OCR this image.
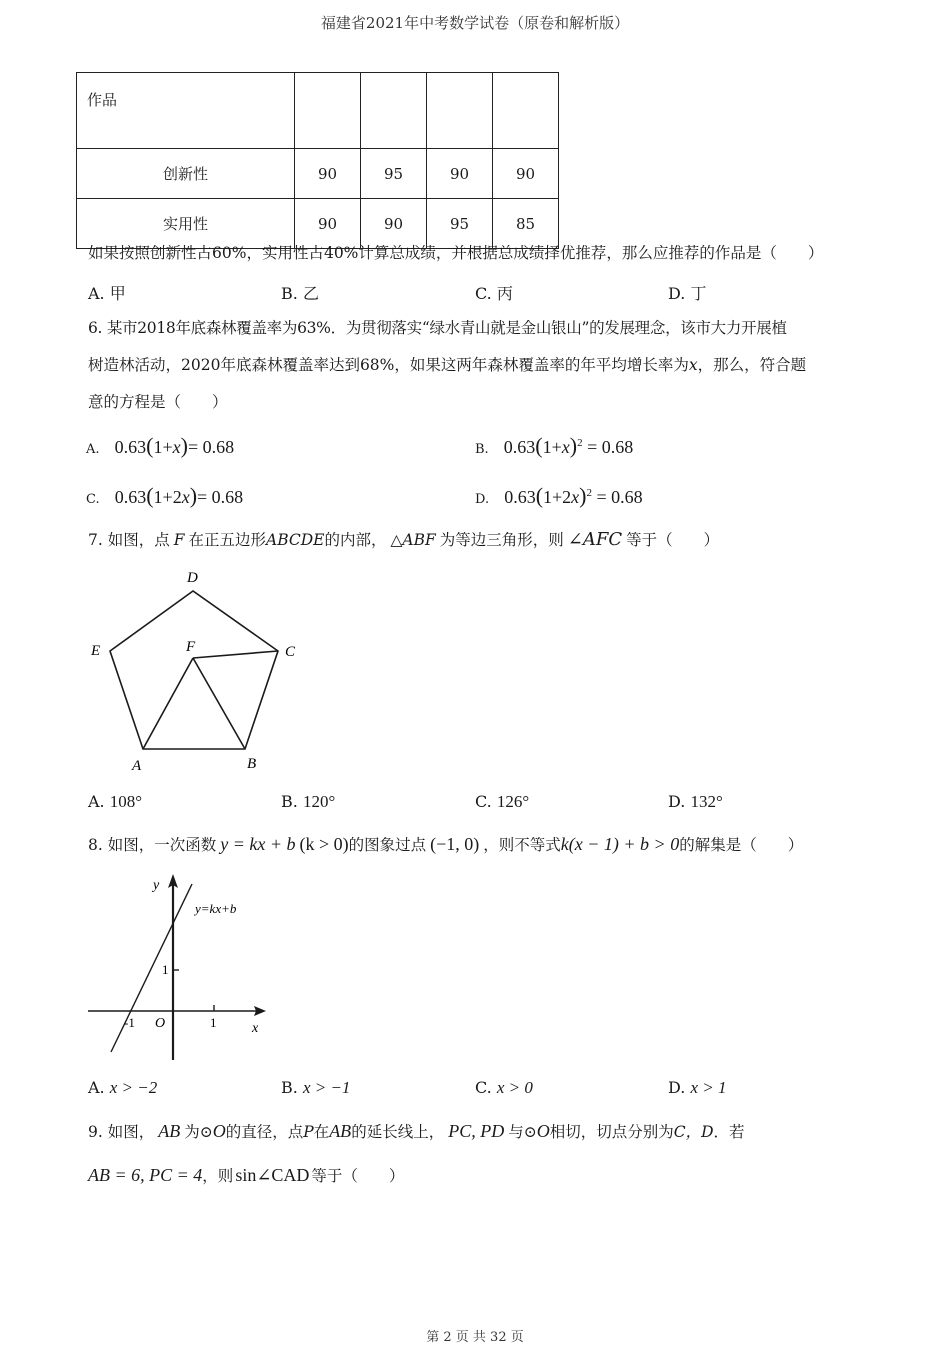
福建省2021年中考数学试卷（原卷和解析版）
作品				
创新性	90	95	90	90
实用性	90	90	95	85
如果按照创新性占60%，实用性占40%计算总成绩，并根据总成绩择优推荐，那么应推荐的作品是（　　）
A. 甲	B. 乙	C. 丙	D. 丁
6. 某市2018年底森林覆盖率为63%．为贯彻落实“绿水青山就是金山银山”的发展理念，该市大力开展植
树造林活动，2020年底森林覆盖率达到68%，如果这两年森林覆盖率的年平均增长率为x，那么，符合题
意的方程是（　　）
A. 0.63(1+x)= 0.68	B. $0.63(1+x)^2 = 0.68$
C. 0.63(1+2x)= 0.68	D. $0.63(1+2x)^2 = 0.68$
7. 如图，点 F 在正五边形ABCDE的内部， △ABF 为等边三角形，则 ∠AFC 等于（　　）
D
E	F	C
A	B
A. 108°	B. 120°	C. 126°	D. 132°
8. 如图，一次函数 y = kx + b (k > 0)的图象过点 (−1, 0) ，则不等式k(x − 1) + b > 0的解集是（　　）
y
x
y=kx+b
1
-1 O	1
A. x > −2	B. x > −1	C. x > 0	D. x > 1
9. 如图， AB 为⊙O的直径，点P在AB的延长线上， PC, PD 与⊙O相切，切点分别为C，D．若
AB = 6, PC = 4，则 sin∠CAD 等于（　　）
第 2 页 共 32 页
